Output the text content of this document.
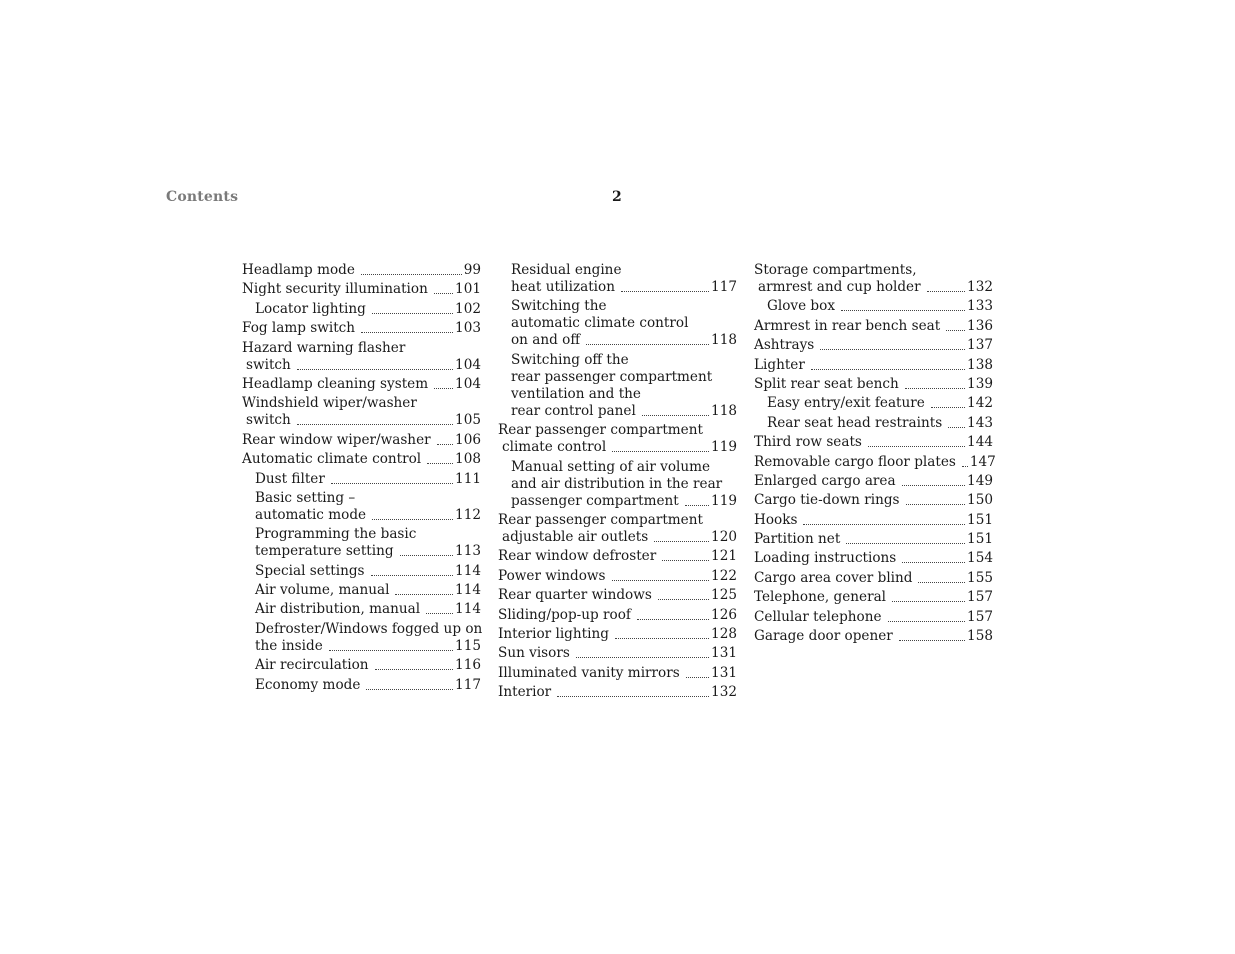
Contents	2
Headlamp mode	99
Night security illumination 101
Locator lighting	102
Fog lamp switch	103
Hazard warning flasher
switch	104
Headlamp cleaning system 104
Windshield wiper/washer
switch	105
Rear window wiper/washer 106
Automatic climate control 108
Dust filter	111
Basic setting –
automatic mode	112
Programming the basic
temperature setting	113
Special settings	114
Air volume, manual	114
Air distribution, manual	114
Defroster/Windows fogged up on
the inside	115
Air recirculation	116
Economy mode	117
Residual engine
heat utilization	117
Switching the
automatic climate control
on and off	118
Switching off the
rear passenger compartment
ventilation and the
rear control panel	118
Rear passenger compartment
climate control	119
Manual setting of air volume
and air distribution in the rear
passenger compartment 119
Rear passenger compartment
adjustable air outlets	120
Rear window defroster	121
Power windows	122
Rear quarter windows	125
Sliding/pop-up roof	126
Interior lighting	128
Sun visors	131
Illuminated vanity mirrors 131
Interior	132
Storage compartments,
armrest and cup holder	132
Glove box	133
Armrest in rear bench seat 136
Ashtrays	137
Lighter	138
Split rear seat bench	139
Easy entry/exit feature	142
Rear seat head restraints 143
Third row seats	144
Removable cargo floor plates 147
Enlarged cargo area	149
Cargo tie-down rings	150
Hooks	151
Partition net	151
Loading instructions	154
Cargo area cover blind	155
Telephone, general	157
Cellular telephone	157
Garage door opener	158
